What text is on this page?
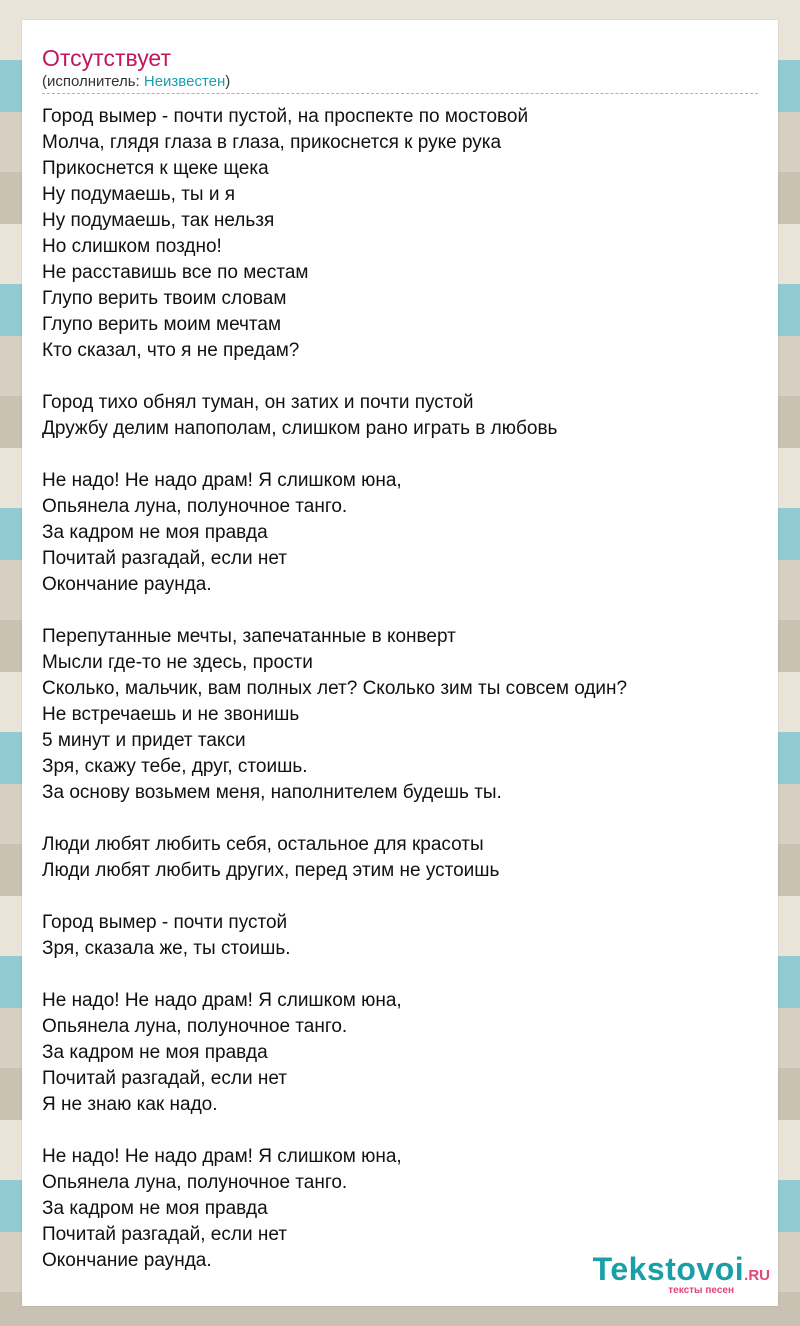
Отсутствует
(исполнитель: Неизвестен)
Город вымер - почти пустой, на проспекте по мостовой
Молча, глядя глаза в глаза, прикоснется к руке рука
Прикоснется к щеке щека
Ну подумаешь, ты и я
Ну подумаешь, так нельзя
Но слишком поздно!
Не расставишь все по местам
Глупо верить твоим словам
Глупо верить моим мечтам
Кто сказал, что я не предам?
Город тихо обнял туман, он затих и почти пустой
Дружбу делим напополам, слишком рано играть в любовь
Не надо! Не надо драм! Я слишком юна,
Опьянела луна, полуночное танго.
За кадром не моя правда
Почитай разгадай, если нет
Окончание раунда.
Перепутанные мечты, запечатанные в конверт
Мысли где-то не здесь, прости
Сколько, мальчик, вам полных лет? Сколько зим ты совсем один?
Не встречаешь и не звонишь
5 минут и придет такси
Зря, скажу тебе, друг, стоишь.
За основу возьмем меня, наполнителем будешь ты.
Люди любят любить себя, остальное для красоты
Люди любят любить других, перед этим не устоишь
Город вымер - почти пустой
Зря, сказала же, ты стоишь.
Не надо! Не надо драм! Я слишком юна,
Опьянела луна, полуночное танго.
За кадром не моя правда
Почитай разгадай, если нет
Я не знаю как надо.
Не надо! Не надо драм! Я слишком юна,
Опьянела луна, полуночное танго.
За кадром не моя правда
Почитай разгадай, если нет
Окончание раунда.	Tekstovoi.RU
тексты песен
